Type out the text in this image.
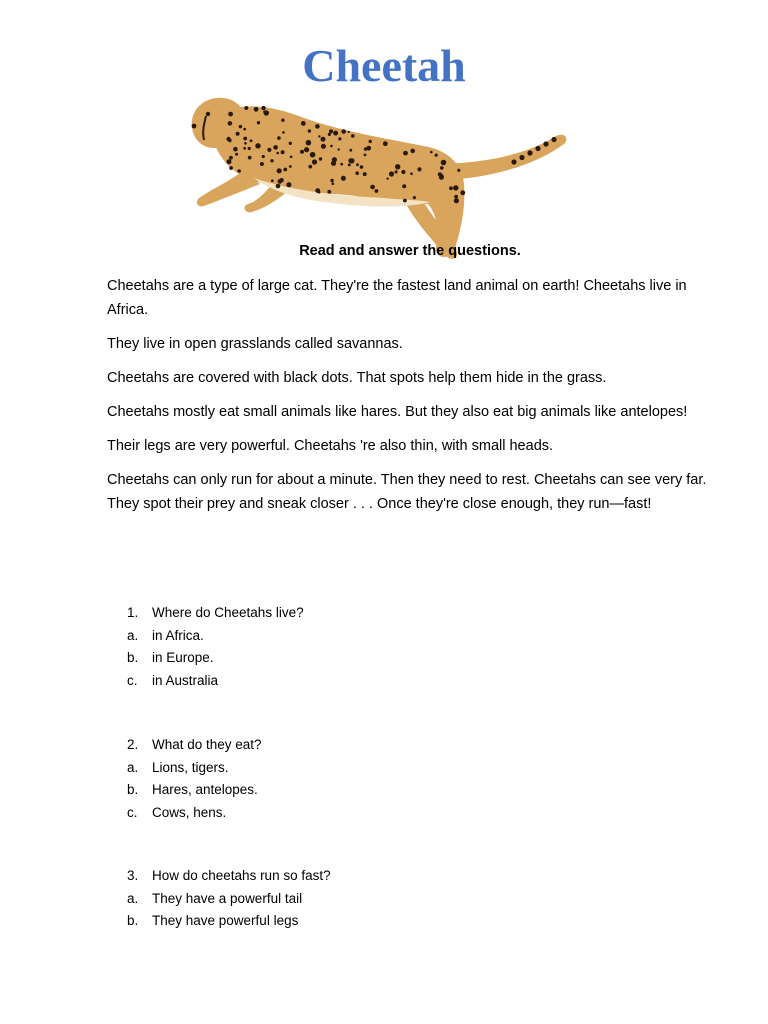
Cheetah
Read and answer the questions.

Cheetahs are a type of large cat. They're the fastest land animal on earth! Cheetahs live in Africa.

They live in open grasslands called savannas.

Cheetahs are covered with black dots. That spots help them hide in the grass.

Cheetahs mostly eat small animals like hares. But they also eat big animals like antelopes!

Their legs are very powerful. Cheetahs 're also thin, with small heads.

Cheetahs can only run for about a minute. Then they need to rest. Cheetahs can see very far. They spot their prey and sneak closer . . . Once they're close enough, they run—fast!

1.	Where do Cheetahs live?
a.	in Africa.
b.	in Europe.
c.	in Australia
2.	What do they eat?
a.	Lions, tigers.
b.	Hares, antelopes.
c.	Cows, hens.
3.	How do cheetahs run so fast?
a.	They have a powerful tail
b.	They have powerful legs
